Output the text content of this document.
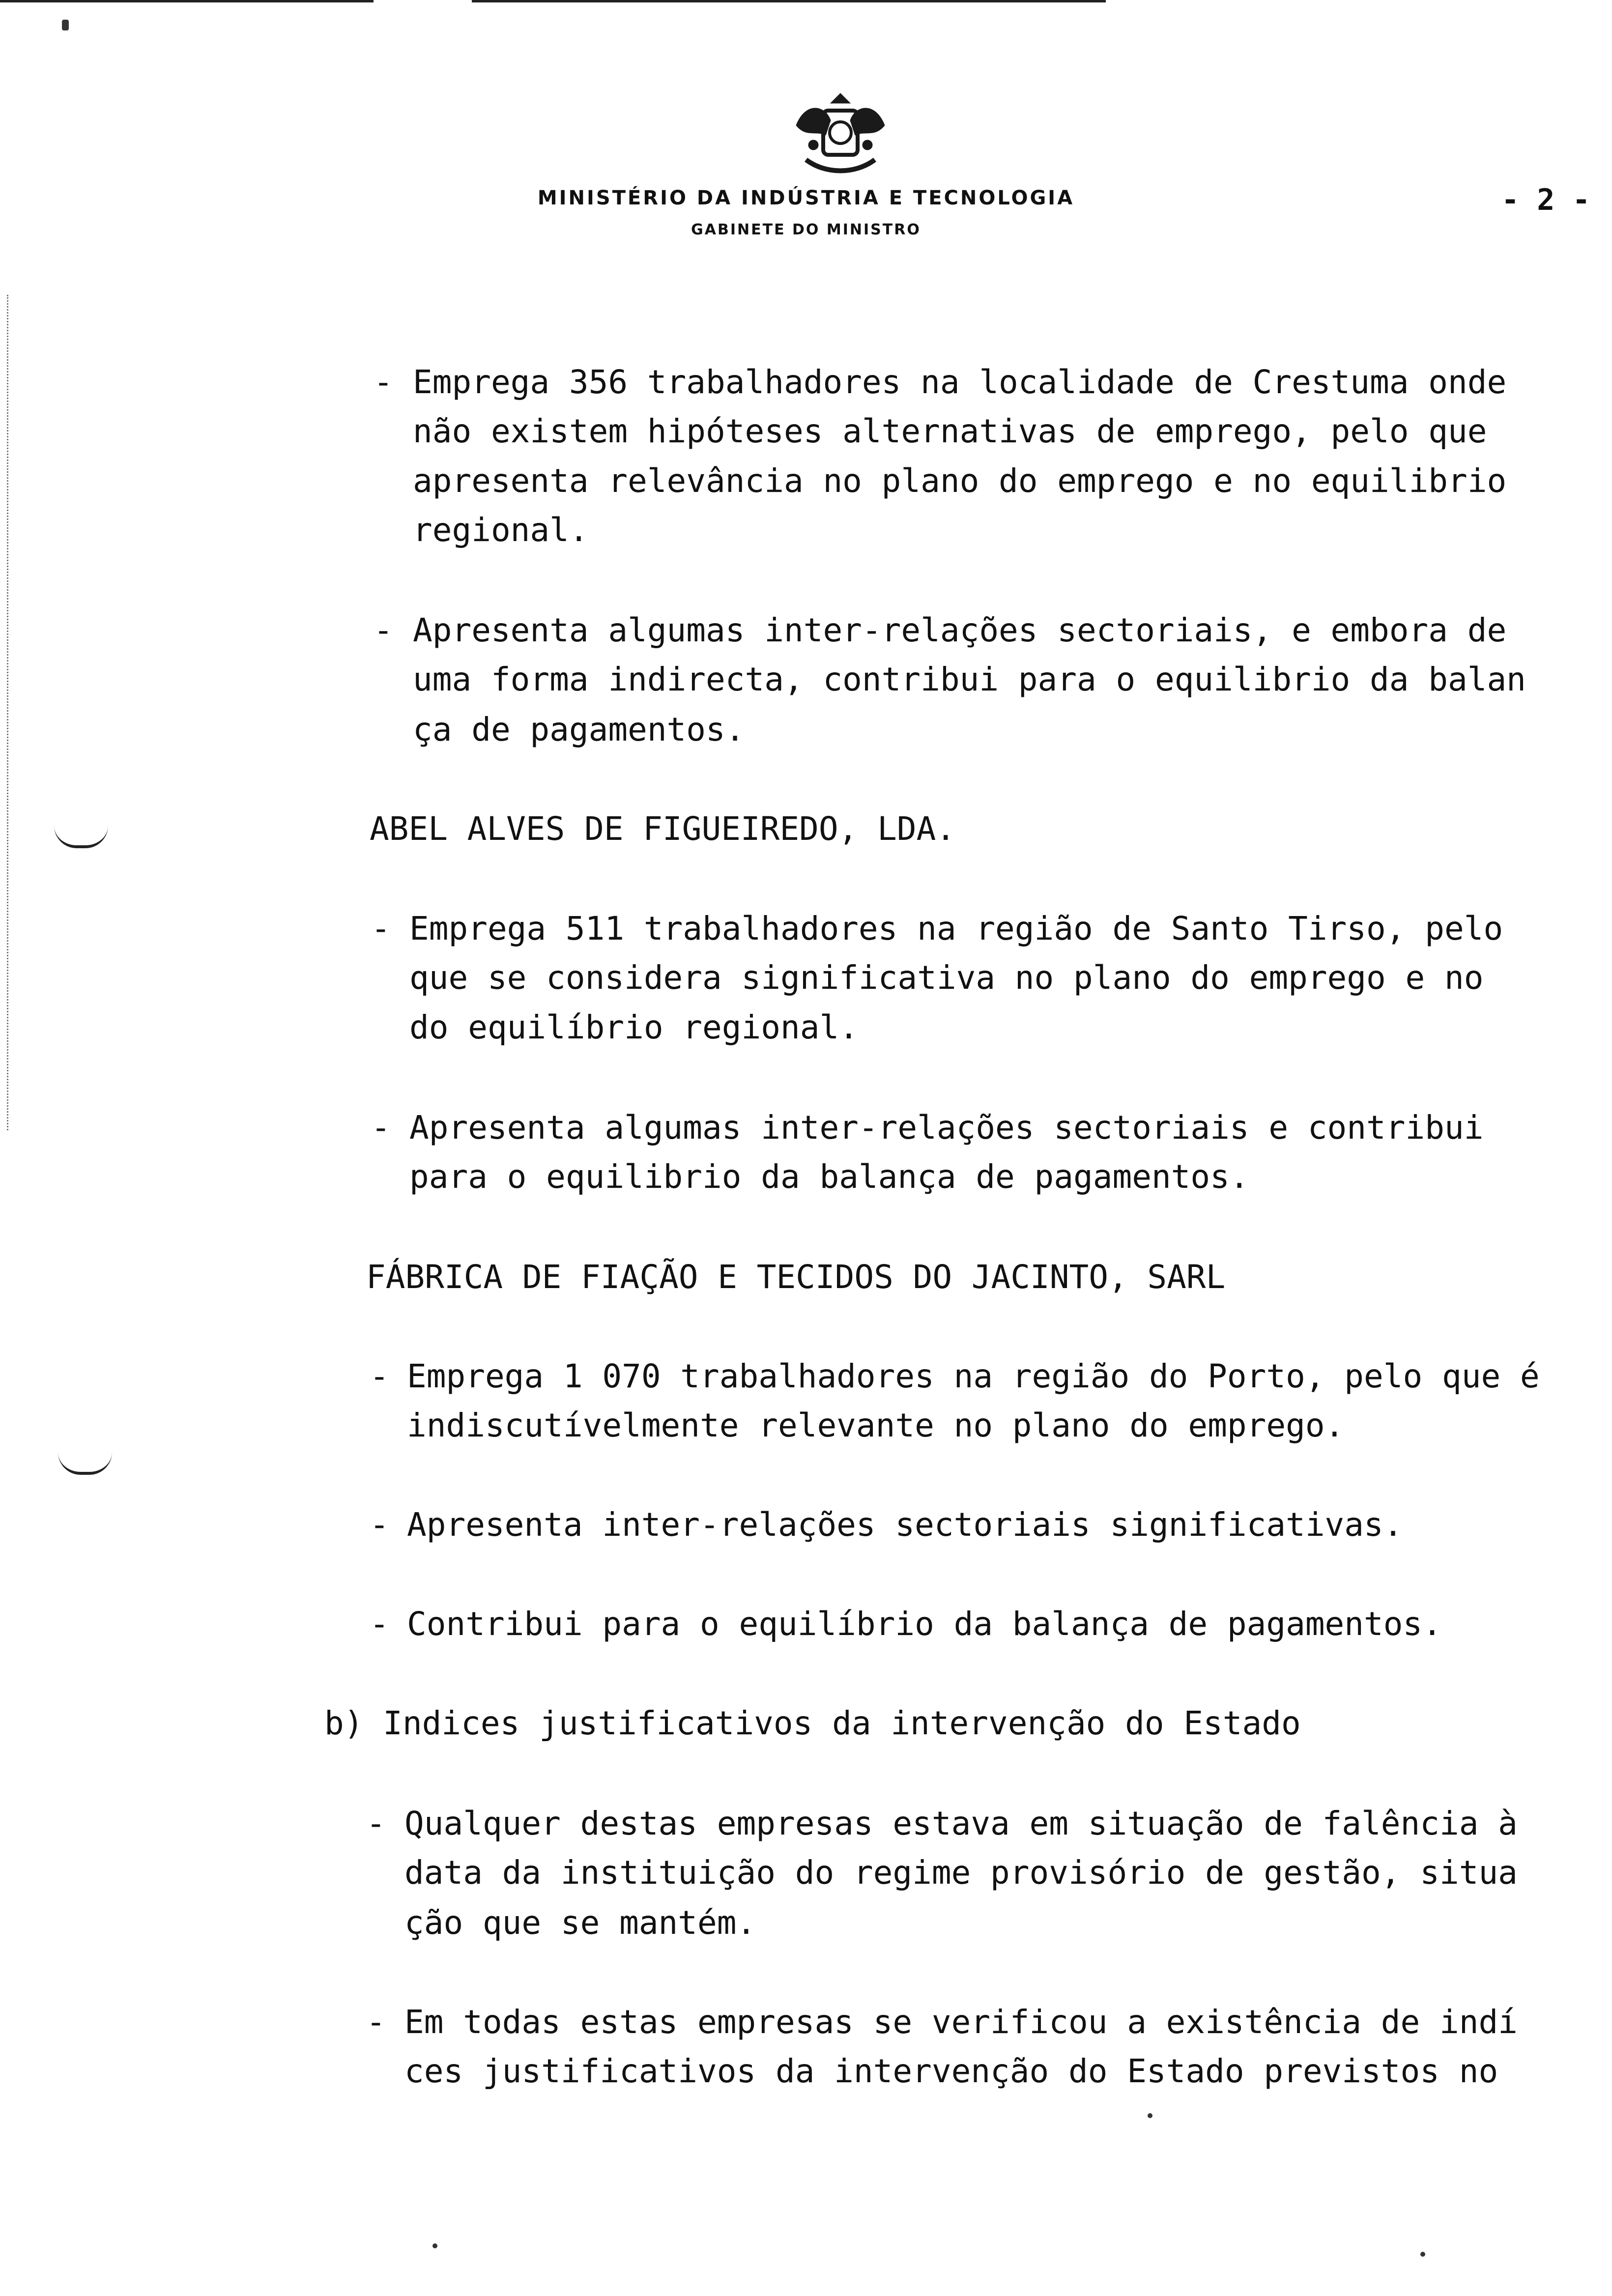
MINISTÉRIO DA INDÚSTRIA E TECNOLOGIA
GABINETE DO MINISTRO
- 2 -
- Emprega 356 trabalhadores na localidade de Crestuma onde
não existem hipóteses alternativas de emprego, pelo que
apresenta relevância no plano do emprego e no equilibrio
regional.
- Apresenta algumas inter-relações sectoriais, e embora de
uma forma indirecta, contribui para o equilibrio da balan
ça de pagamentos.
ABEL ALVES DE FIGUEIREDO, LDA.
- Emprega 511 trabalhadores na região de Santo Tirso, pelo
que se considera significativa no plano do emprego e no
do equilíbrio regional.
- Apresenta algumas inter-relações sectoriais e contribui
para o equilibrio da balança de pagamentos.
FÁBRICA DE FIAÇÃO E TECIDOS DO JACINTO, SARL
- Emprega 1 070 trabalhadores na região do Porto, pelo que é
indiscutívelmente relevante no plano do emprego.
- Apresenta inter-relações sectoriais significativas.
- Contribui para o equilíbrio da balança de pagamentos.
b) Indices justificativos da intervenção do Estado
- Qualquer destas empresas estava em situação de falência à
data da instituição do regime provisório de gestão, situa
ção que se mantém.
- Em todas estas empresas se verificou a existência de indí
ces justificativos da intervenção do Estado previstos no
